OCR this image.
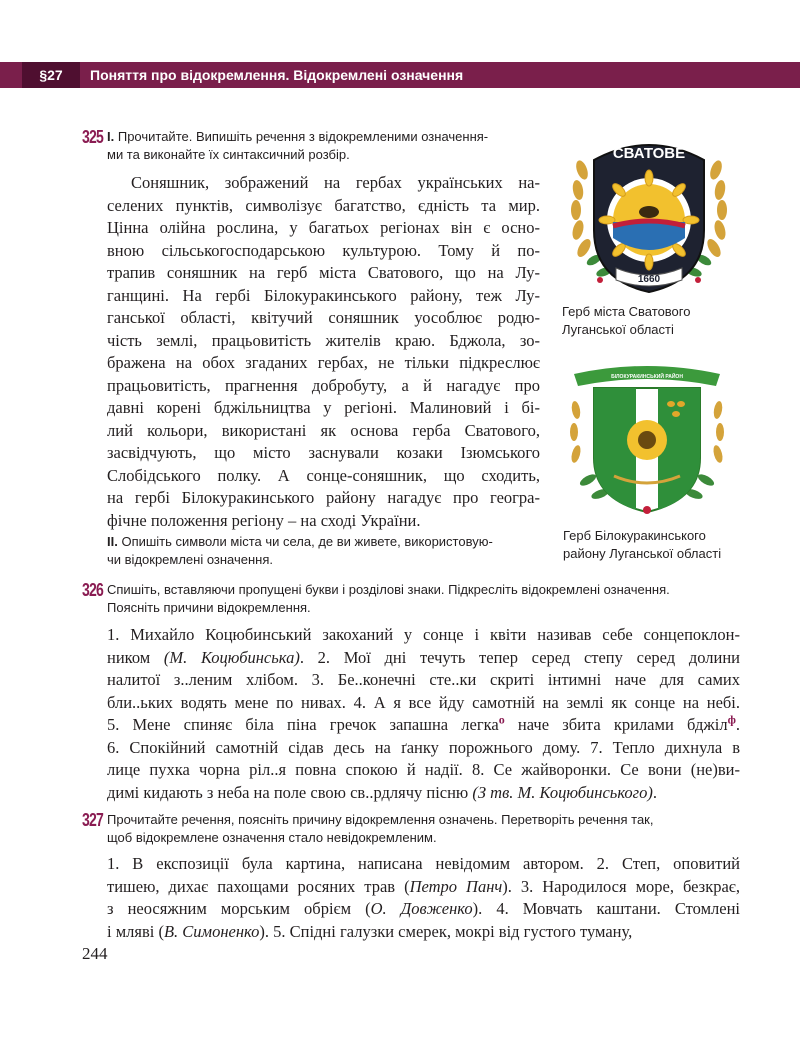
§27	Поняття про відокремлення. Відокремлені означення
325 I. Прочитайте. Випишіть речення з відокремленими означення-
ми та виконайте їх синтаксичний розбір.
Соняшник, зображений на гербах українських на-
селених пунктів, символізує багатство, єдність та мир.
Цінна олійна рослина, у багатьох регіонах він є осно-
вною сільськогосподарською культурою. Тому й по-
трапив соняшник на герб міста Сватового, що на Лу-
ганщині. На гербі Білокуракинського району, теж Лу-
ганської області, квітучий соняшник уособлює родю-
чість землі, працьовитість жителів краю. Бджола, зо-
бражена на обох згаданих гербах, не тільки підкреслює
працьовитість, прагнення добробуту, а й нагадує про
давні корені бджільництва у регіоні. Малиновий і бі-
лий кольори, використані як основа герба Сватового,
засвідчують, що місто заснували козаки Ізюмського
Слобідського полку. А сонце-соняшник, що сходить,
на гербі Білокуракинського району нагадує про геогра-
фічне положення регіону – на сході України.
II. Опишіть символи міста чи села, де ви живете, використовую-
чи відокремлені означення.
СВАТОВЕ
1660
Герб міста Сватового
Луганської області
БІЛОКУРАКИНСЬКИЙ РАЙОН
Герб Білокуракинського
району Луганської області
326 Спишіть, вставляючи пропущені букви і розділові знаки. Підкресліть відокремлені означення.
Поясніть причини відокремлення.
1. Михайло Коцюбинський закоханий у сонце і квіти називав себе сонцепоклон-
ником (М. Коцюбинська). 2. Мої дні течуть тепер серед степу серед долини
налитої з..леним хлібом. 3. Бе..конечні сте..ки скриті інтимні наче для самих
бли..ьких водять мене по нивах. 4. А я все йду самотній на землі як сонце на небі.
5. Мене спиняє біла піна гречок запашна легка$^о$ наче збита крилами бджіл$^ф$.
6. Спокійний самотній сідав десь на ґанку порожнього дому. 7. Тепло дихнула в
лице пухка чорна ріл..я повна спокою й надії. 8. Се жайворонки. Се вони (не)ви-
димі кидають з неба на поле свою св..рдлячу пісню (З тв. М. Коцюбинського).
327 Прочитайте речення, поясніть причину відокремлення означень. Перетворіть речення так,
щоб відокремлене означення стало невідокремленим.
1. В експозиції була картина, написана невідомим автором. 2. Степ, оповитий
тишею, дихає пахощами росяних трав (Петро Панч). 3. Народилося море, безкрає,
з неосяжним морським обрієм (О. Довженко). 4. Мовчать каштани. Стомлені
і мляві (В. Симоненко). 5. Спідні галузки смерек, мокрі від густого туману,
244
